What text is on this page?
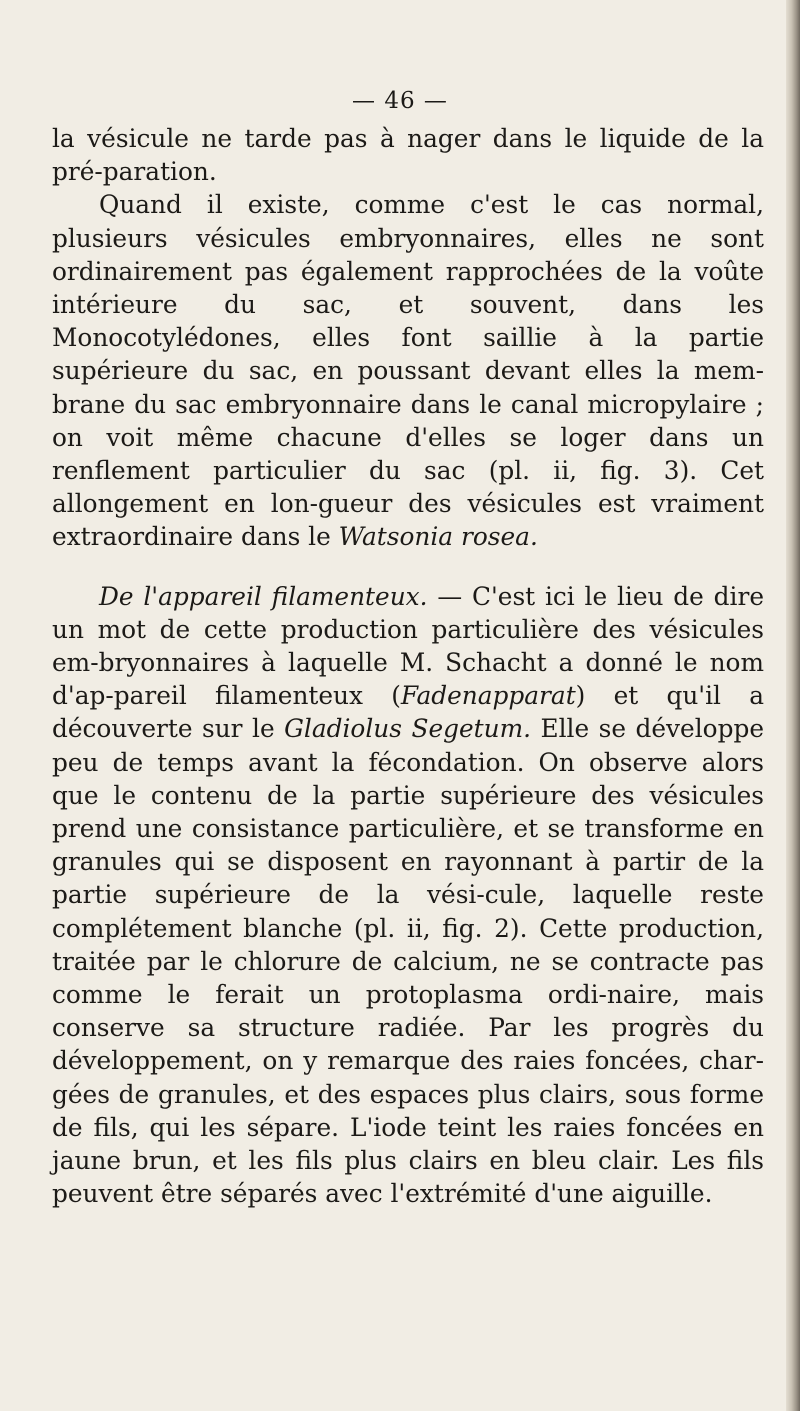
— 46 —

la vésicule ne tarde pas à nager dans le liquide de la pré-paration.

Quand il existe, comme c'est le cas normal, plusieurs vésicules embryonnaires, elles ne sont ordinairement pas également rapprochées de la voûte intérieure du sac, et souvent, dans les Monocotylédones, elles font saillie à la partie supérieure du sac, en poussant devant elles la mem-brane du sac embryonnaire dans le canal micropylaire ; on voit même chacune d'elles se loger dans un renflement particulier du sac (pl. ii, fig. 3). Cet allongement en lon-gueur des vésicules est vraiment extraordinaire dans le Watsonia rosea.

De l'appareil filamenteux. — C'est ici le lieu de dire un mot de cette production particulière des vésicules em-bryonnaires à laquelle M. Schacht a donné le nom d'ap-pareil filamenteux (Fadenapparat) et qu'il a découverte sur le Gladiolus Segetum. Elle se développe peu de temps avant la fécondation. On observe alors que le contenu de la partie supérieure des vésicules prend une consistance particulière, et se transforme en granules qui se disposent en rayonnant à partir de la partie supérieure de la vési-cule, laquelle reste complétement blanche (pl. ii, fig. 2). Cette production, traitée par le chlorure de calcium, ne se contracte pas comme le ferait un protoplasma ordi-naire, mais conserve sa structure radiée. Par les progrès du développement, on y remarque des raies foncées, char-gées de granules, et des espaces plus clairs, sous forme de fils, qui les sépare. L'iode teint les raies foncées en jaune brun, et les fils plus clairs en bleu clair. Les fils peuvent être séparés avec l'extrémité d'une aiguille.
